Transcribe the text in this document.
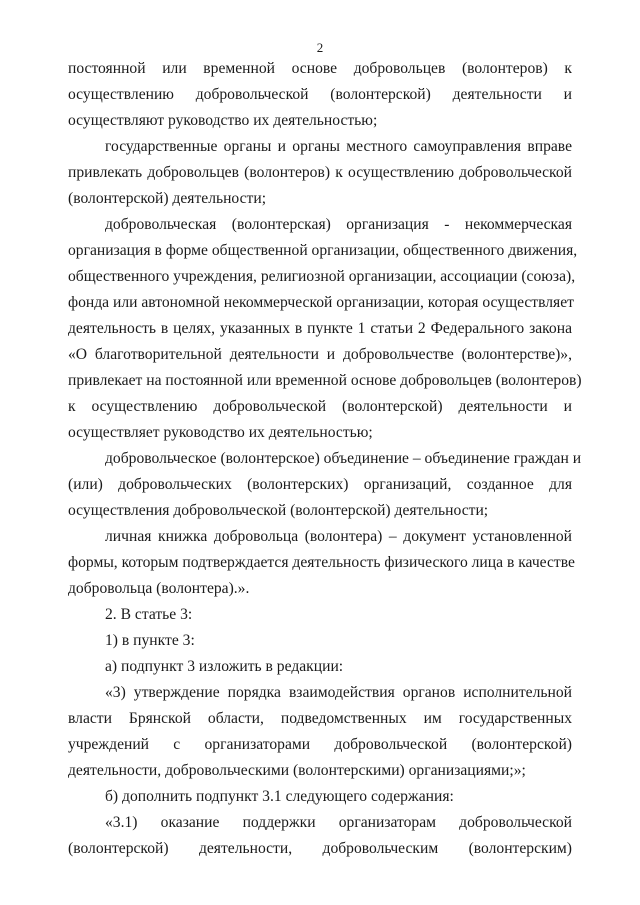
2
постоянной или временной основе добровольцев (волонтеров) к
осуществлению добровольческой (волонтерской) деятельности и
осуществляют руководство их деятельностью;
государственные органы и органы местного самоуправления вправе
привлекать добровольцев (волонтеров) к осуществлению добровольческой
(волонтерской) деятельности;
добровольческая (волонтерская) организация - некоммерческая
организация в форме общественной организации, общественного движения,
общественного учреждения, религиозной организации, ассоциации (союза),
фонда или автономной некоммерческой организации, которая осуществляет
деятельность в целях, указанных в пункте 1 статьи 2 Федерального закона
«О благотворительной деятельности и добровольчестве (волонтерстве)»,
привлекает на постоянной или временной основе добровольцев (волонтеров)
к осуществлению добровольческой (волонтерской) деятельности и
осуществляет руководство их деятельностью;
добровольческое (волонтерское) объединение – объединение граждан и
(или) добровольческих (волонтерских) организаций, созданное для
осуществления добровольческой (волонтерской) деятельности;
личная книжка добровольца (волонтера) – документ установленной
формы, которым подтверждается деятельность физического лица в качестве
добровольца (волонтера).».
2. В статье 3:
1) в пункте 3:
а) подпункт 3 изложить в редакции:
«3) утверждение порядка взаимодействия органов исполнительной
власти Брянской области, подведомственных им государственных
учреждений с организаторами добровольческой (волонтерской)
деятельности, добровольческими (волонтерскими) организациями;»;
б) дополнить подпункт 3.1 следующего содержания:
«3.1) оказание поддержки организаторам добровольческой
(волонтерской) деятельности, добровольческим (волонтерским)
